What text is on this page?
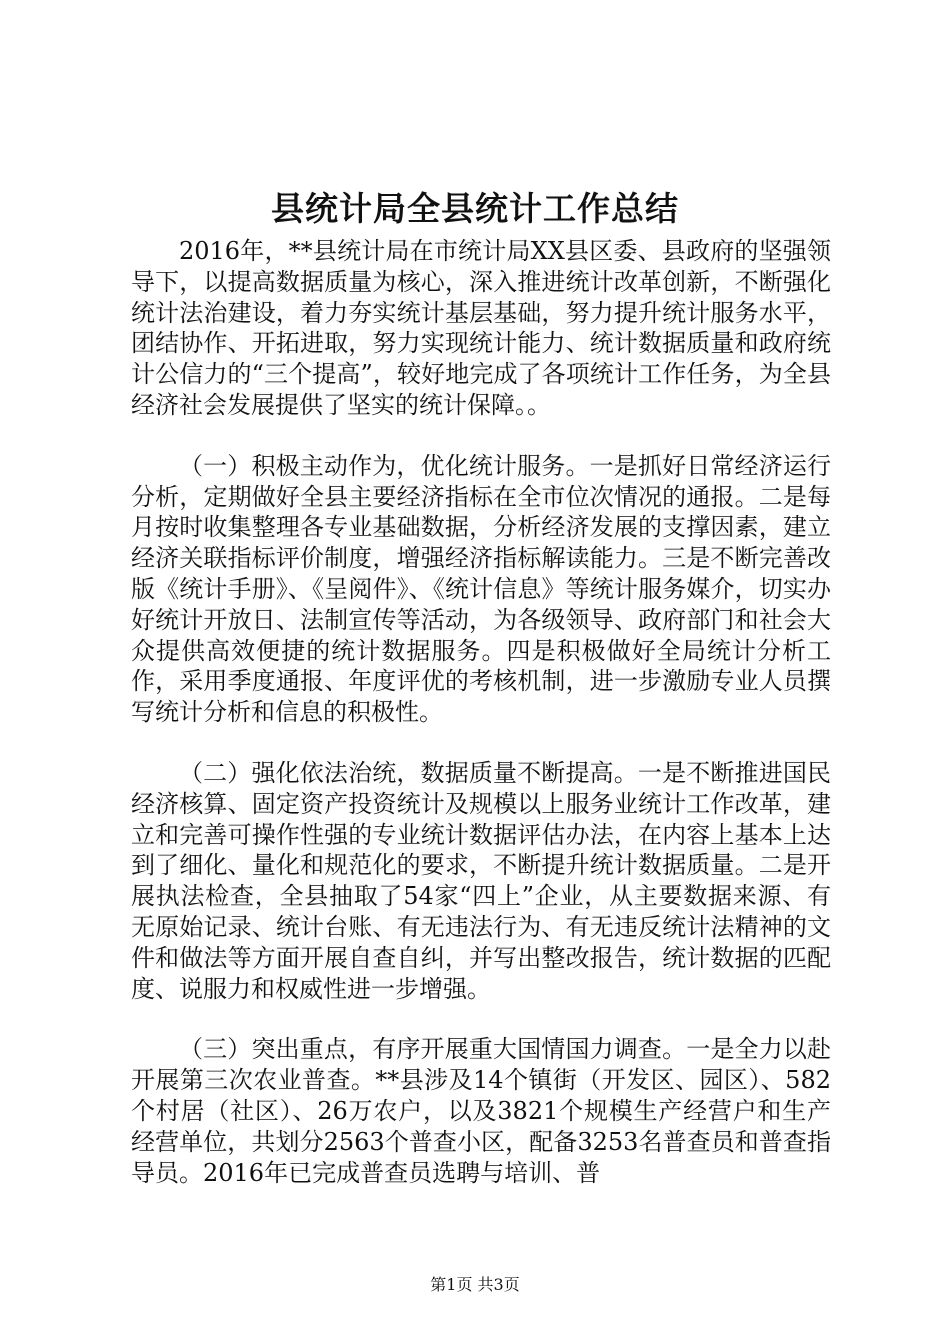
县统计局全县统计工作总结

2016年，**县统计局在市统计局XX县区委、县政府的坚强领导下，以提高数据质量为核心，深入推进统计改革创新，不断强化统计法治建设，着力夯实统计基层基础，努力提升统计服务水平，团结协作、开拓进取，努力实现统计能力、统计数据质量和政府统计公信力的“三个提高”，较好地完成了各项统计工作任务，为全县经济社会发展提供了坚实的统计保障。。

（一）积极主动作为，优化统计服务。一是抓好日常经济运行分析，定期做好全县主要经济指标在全市位次情况的通报。二是每月按时收集整理各专业基础数据，分析经济发展的支撑因素，建立经济关联指标评价制度，增强经济指标解读能力。三是不断完善改版《统计手册》、《呈阅件》、《统计信息》等统计服务媒介，切实办好统计开放日、法制宣传等活动，为各级领导、政府部门和社会大众提供高效便捷的统计数据服务。四是积极做好全局统计分析工作，采用季度通报、年度评优的考核机制，进一步激励专业人员撰写统计分析和信息的积极性。

（二）强化依法治统，数据质量不断提高。一是不断推进国民经济核算、固定资产投资统计及规模以上服务业统计工作改革，建立和完善可操作性强的专业统计数据评估办法，在内容上基本上达到了细化、量化和规范化的要求，不断提升统计数据质量。二是开展执法检查，全县抽取了54家“四上”企业，从主要数据来源、有无原始记录、统计台账、有无违法行为、有无违反统计法精神的文件和做法等方面开展自查自纠，并写出整改报告，统计数据的匹配度、说服力和权威性进一步增强。

（三）突出重点，有序开展重大国情国力调查。一是全力以赴开展第三次农业普查。**县涉及14个镇街（开发区、园区）、582个村居（社区）、26万农户，以及3821个规模生产经营户和生产经营单位，共划分2563个普查小区，配备3253名普查员和普查指导员。2016年已完成普查员选聘与培训、普

第1页 共3页
